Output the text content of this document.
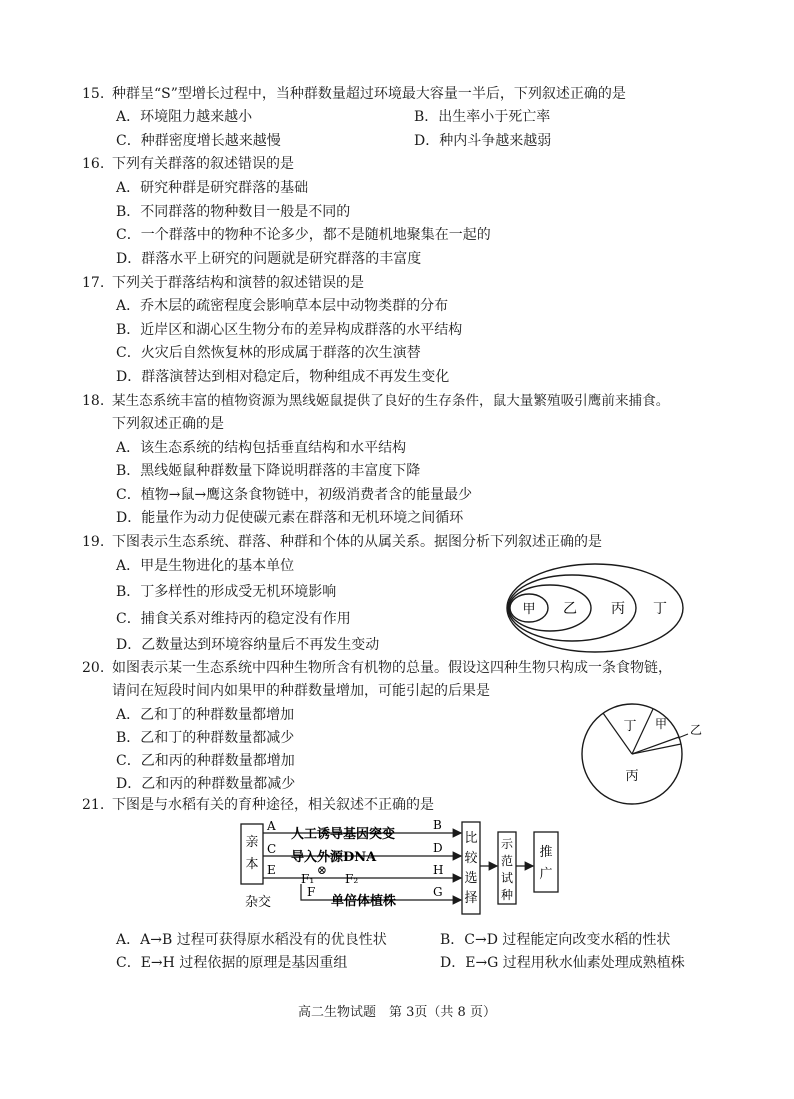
15. 种群呈“S”型增长过程中，当种群数量超过环境最大容量一半后，下列叙述正确的是
A．环境阻力越来越小	B．出生率小于死亡率
C．种群密度增长越来越慢	D．种内斗争越来越弱
16. 下列有关群落的叙述错误的是
A．研究种群是研究群落的基础
B．不同群落的物种数目一般是不同的
C．一个群落中的物种不论多少，都不是随机地聚集在一起的
D．群落水平上研究的问题就是研究群落的丰富度
17. 下列关于群落结构和演替的叙述错误的是
A．乔木层的疏密程度会影响草本层中动物类群的分布
B．近岸区和湖心区生物分布的差异构成群落的水平结构
C．火灾后自然恢复林的形成属于群落的次生演替
D．群落演替达到相对稳定后，物种组成不再发生变化
18. 某生态系统丰富的植物资源为黑线姬鼠提供了良好的生存条件，鼠大量繁殖吸引鹰前来捕食。
下列叙述正确的是
A．该生态系统的结构包括垂直结构和水平结构
B．黑线姬鼠种群数量下降说明群落的丰富度下降
C．植物→鼠→鹰这条食物链中，初级消费者含的能量最少
D．能量作为动力促使碳元素在群落和无机环境之间循环
19. 下图表示生态系统、群落、种群和个体的从属关系。据图分析下列叙述正确的是
A．甲是生物进化的基本单位
B．丁多样性的形成受无机环境影响
C．捕食关系对维持丙的稳定没有作用
D．乙数量达到环境容纳量后不再发生变动
甲 乙 丙 丁
20. 如图表示某一生态系统中四种生物所含有机物的总量。假设这四种生物只构成一条食物链，
请问在短段时间内如果甲的种群数量增加，可能引起的后果是
A．乙和丁的种群数量都增加
B．乙和丁的种群数量都减少
C．乙和丙的种群数量都增加
D．乙和丙的种群数量都减少
丁 甲 乙
丙
21. 下图是与水稻有关的育种途径，相关叙述不正确的是
亲
本
杂交
A
人工诱导基因突变
B
C
导入外源DNA
D
E
F₁
⊗
F₂
H
F
单倍体植株
G
比
较
选
择
示
范
试
种
推
广
A．A→B 过程可获得原水稻没有的优良性状	B．C→D 过程能定向改变水稻的性状
C．E→H 过程依据的原理是基因重组	D．E→G 过程用秋水仙素处理成熟植株
高二生物试题　第 3页（共 8 页）
